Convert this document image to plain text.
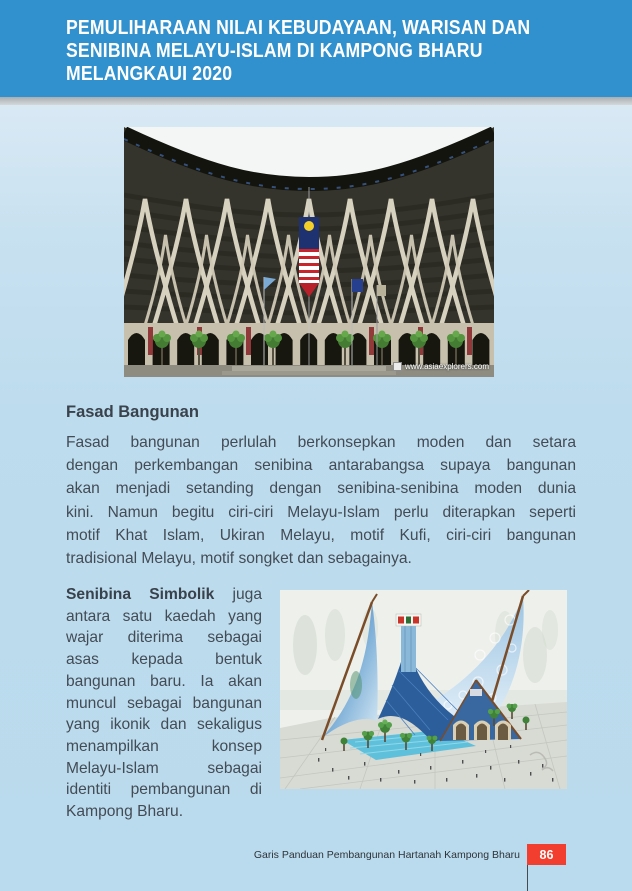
PEMULIHARAAN NILAI KEBUDAYAAN, WARISAN DAN
SENIBINA MELAYU-ISLAM DI KAMPONG BHARU
MELANGKAUI 2020
www.asiaexplorers.com
Fasad Bangunan
Fasad bangunan perlulah berkonsepkan moden dan setara
dengan perkembangan senibina antarabangsa supaya bangunan
akan menjadi setanding dengan senibina-senibina moden dunia
kini. Namun begitu ciri-ciri Melayu-Islam perlu diterapkan seperti
motif Khat Islam, Ukiran Melayu, motif Kufi, ciri-ciri bangunan
tradisional Melayu, motif songket dan sebagainya.
Senibina Simbolik juga
antara satu kaedah yang
wajar diterima sebagai
asas kepada bentuk
bangunan baru. Ia akan
muncul sebagai bangunan
yang ikonik dan sekaligus
menampilkan konsep
Melayu-Islam sebagai
identiti pembangunan di
Kampong Bharu.
Garis Panduan Pembangunan Hartanah Kampong Bharu	86
